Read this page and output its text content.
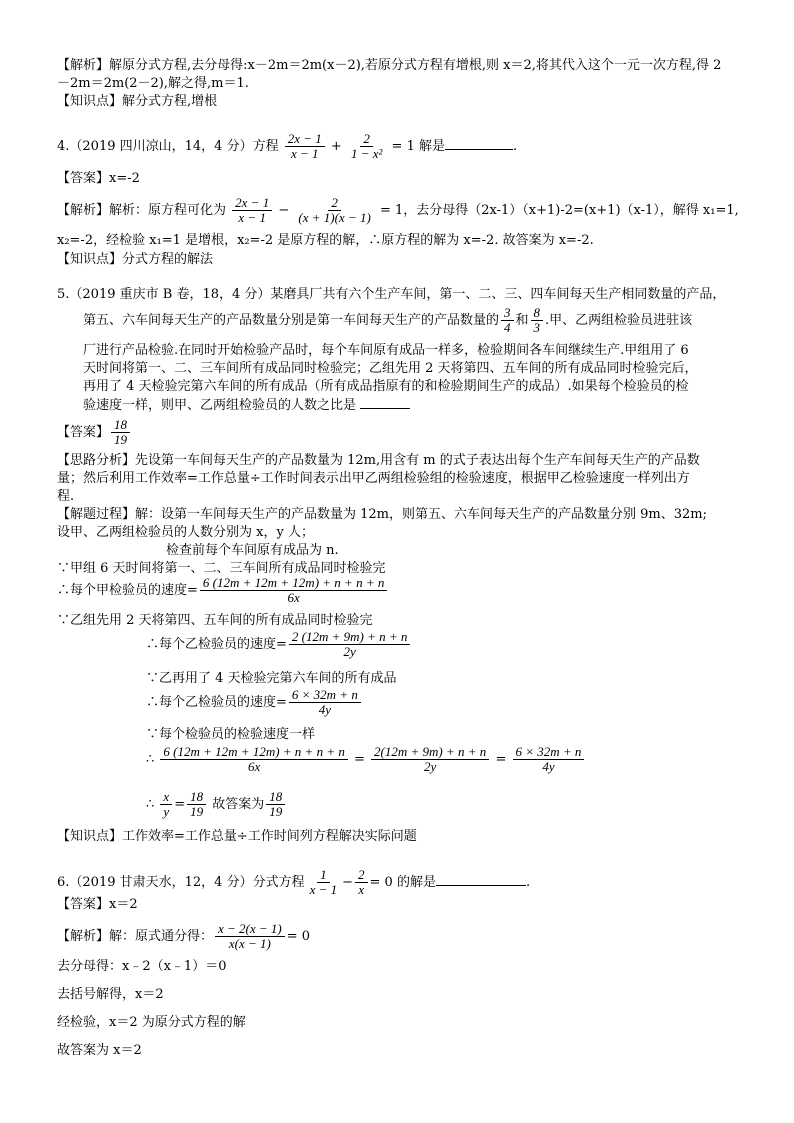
【解析】解原分式方程,去分母得:x－2m＝2m(x－2),若原分式方程有增根,则 x＝2,将其代入这个一元一次方程,得 2
－2m＝2m(2－2),解之得,m＝1.
【知识点】解分式方程,增根
4.（2019 四川凉山，14，4 分）方程 $\frac{2x - 1}{x - 1} + \frac{2}{\text{1 − x²}} = 1$ 解是	.
【答案】x=-2
【解析】解析：原方程可化为 $\frac{2x - 1}{x - 1} - \frac{2}{(x + 1)(x - 1)} = 1$，去分母得（2x-1）（x+1)-2=(x+1)（x-1），解得 x₁=1,
x₂=-2，经检验 x₁=1 是增根，x₂=-2 是原方程的解，∴原方程的解为 x=-2. 故答案为 x=-2.
【知识点】分式方程的解法
5.（2019 重庆市 B 卷，18，4 分）某磨具厂共有六个生产车间，第一、二、三、四车间每天生产相同数量的产品，
第五、六车间每天生产的产品数量分别是第一车间每天生产的产品数量的 $\frac{3}{4}$ 和 $\frac{8}{3}$ .甲、乙两组检验员进驻该
厂进行产品检验.在同时开始检验产品时，每个车间原有成品一样多，检验期间各车间继续生产.甲组用了 6
天时间将第一、二、三车间所有成品同时检验完；乙组先用 2 天将第四、五车间的所有成品同时检验完后，
再用了 4 天检验完第六车间的所有成品（所有成品指原有的和检验期间生产的成品）.如果每个检验员的检
验速度一样，则甲、乙两组检验员的人数之比是
【答案】 $\frac{18}{19}$
【思路分析】先设第一车间每天生产的产品数量为 12m,用含有 m 的式子表达出每个生产车间每天生产的产品数
量；然后利用工作效率=工作总量÷工作时间表示出甲乙两组检验组的检验速度，根据甲乙检验速度一样列出方
程.
【解题过程】解：设第一车间每天生产的产品数量为 12m，则第五、六车间每天生产的产品数量分别 9m、32m;
设甲、乙两组检验员的人数分别为 x，y 人；
检查前每个车间原有成品为 n.
∵甲组 6 天时间将第一、二、三车间所有成品同时检验完
∴每个甲检验员的速度= $\frac{6 (12m + 12m + 12m) + n + n + n}{6x}$
∵乙组先用 2 天将第四、五车间的所有成品同时检验完
∴每个乙检验员的速度= $\frac{2 (12m + 9m) + n + n}{2y}$
∵乙再用了 4 天检验完第六车间的所有成品
∴每个乙检验员的速度= $\frac{6 \times 32m + n}{4y}$
∵每个检验员的检验速度一样
∴ $\frac{6 (12m + 12m + 12m) + n + n + n}{6x} = \frac{2(12m + 9m) + n + n}{2y} = \frac{6 \times 32m + n}{4y}$
∴ $\frac{x}{y} = \frac{18}{19}$ 故答案为 $\frac{18}{19}$
【知识点】工作效率=工作总量÷工作时间列方程解决实际问题
6.（2019 甘肃天水，12，4 分）分式方程 $\frac{1}{x - 1} - \frac{2}{x} = 0$ 的解是	.
【答案】x＝2
【解析】解：原式通分得： $\frac{x - 2(x - 1)}{x(x - 1)} = 0$
去分母得：x﹣2（x﹣1）＝0
去括号解得，x＝2
经检验，x＝2 为原分式方程的解
故答案为 x＝2
